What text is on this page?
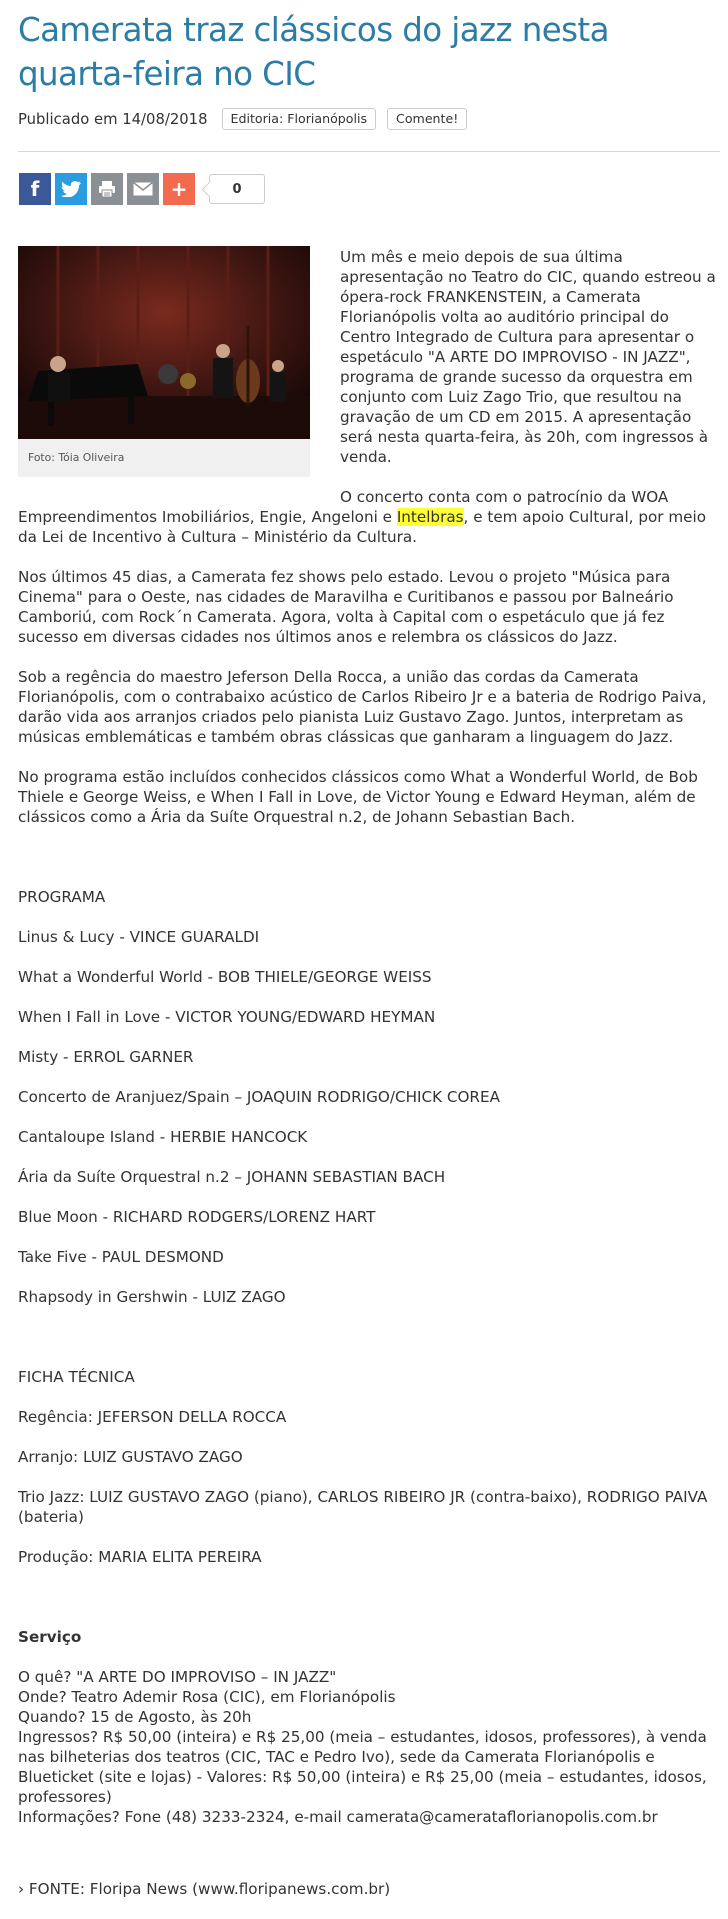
Camerata traz clássicos do jazz nesta quarta-feira no CIC
Publicado em 14/08/2018	Editoria: Florianópolis	Comente!
f	+	0
Foto: Tóia Oliveira

Um mês e meio depois de sua última apresentação no Teatro do CIC, quando estreou a ópera-rock FRANKENSTEIN, a Camerata Florianópolis volta ao auditório principal do Centro Integrado de Cultura para apresentar o espetáculo "A ARTE DO IMPROVISO - IN JAZZ", programa de grande sucesso da orquestra em conjunto com Luiz Zago Trio, que resultou na gravação de um CD em 2015. A apresentação será nesta quarta-feira, às 20h, com ingressos à venda.

O concerto conta com o patrocínio da WOA Empreendimentos Imobiliários, Engie, Angeloni e Intelbras, e tem apoio Cultural, por meio da Lei de Incentivo à Cultura – Ministério da Cultura.

Nos últimos 45 dias, a Camerata fez shows pelo estado. Levou o projeto "Música para Cinema" para o Oeste, nas cidades de Maravilha e Curitibanos e passou por Balneário Camboriú, com Rock´n Camerata. Agora, volta à Capital com o espetáculo que já fez sucesso em diversas cidades nos últimos anos e relembra os clássicos do Jazz.

Sob a regência do maestro Jeferson Della Rocca, a união das cordas da Camerata Florianópolis, com o contrabaixo acústico de Carlos Ribeiro Jr e a bateria de Rodrigo Paiva, darão vida aos arranjos criados pelo pianista Luiz Gustavo Zago. Juntos, interpretam as músicas emblemáticas e também obras clássicas que ganharam a linguagem do Jazz.

No programa estão incluídos conhecidos clássicos como What a Wonderful World, de Bob Thiele e George Weiss, e When I Fall in Love, de Victor Young e Edward Heyman, além de clássicos como a Ária da Suíte Orquestral n.2, de Johann Sebastian Bach.

PROGRAMA

Linus & Lucy - VINCE GUARALDI

What a Wonderful World - BOB THIELE/GEORGE WEISS

When I Fall in Love - VICTOR YOUNG/EDWARD HEYMAN

Misty - ERROL GARNER

Concerto de Aranjuez/Spain – JOAQUIN RODRIGO/CHICK COREA

Cantaloupe Island - HERBIE HANCOCK

Ária da Suíte Orquestral n.2 – JOHANN SEBASTIAN BACH

Blue Moon - RICHARD RODGERS/LORENZ HART

Take Five - PAUL DESMOND

Rhapsody in Gershwin - LUIZ ZAGO

FICHA TÉCNICA

Regência: JEFERSON DELLA ROCCA

Arranjo: LUIZ GUSTAVO ZAGO

Trio Jazz: LUIZ GUSTAVO ZAGO (piano), CARLOS RIBEIRO JR (contra-baixo), RODRIGO PAIVA (bateria)

Produção: MARIA ELITA PEREIRA

Serviço

O quê? "A ARTE DO IMPROVISO – IN JAZZ"

Onde? Teatro Ademir Rosa (CIC), em Florianópolis

Quando? 15 de Agosto, às 20h

Ingressos? R$ 50,00 (inteira) e R$ 25,00 (meia – estudantes, idosos, professores), à venda nas bilheterias dos teatros (CIC, TAC e Pedro Ivo), sede da Camerata Florianópolis e Blueticket (site e lojas) - Valores: R$ 50,00 (inteira) e R$ 25,00 (meia – estudantes, idosos, professores)

Informações? Fone (48) 3233-2324, e-mail camerata@cameratafloriano​polis.com.br

› FONTE: Floripa News (www.floripanews.com.br)
